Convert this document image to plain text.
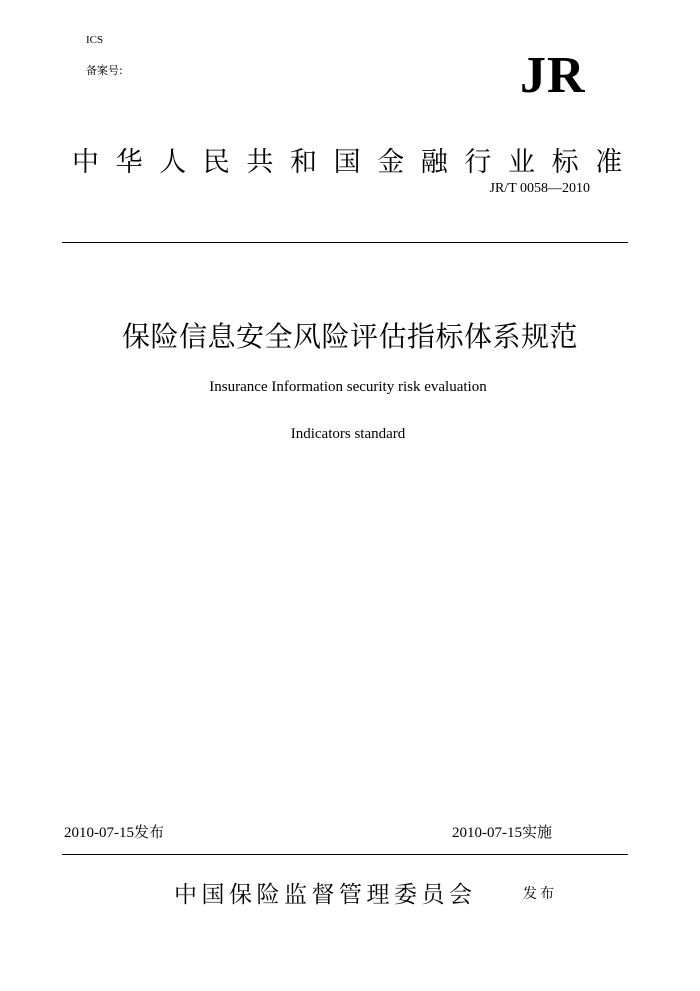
ICS
备案号:	JR
中华人民共和国金融行业标准
JR/T 0058—2010
保险信息安全风险评估指标体系规范
Insurance Information security risk evaluation
Indicators standard
2010-07-15发布	2010-07-15实施
中国保险监督管理委员会	发布
